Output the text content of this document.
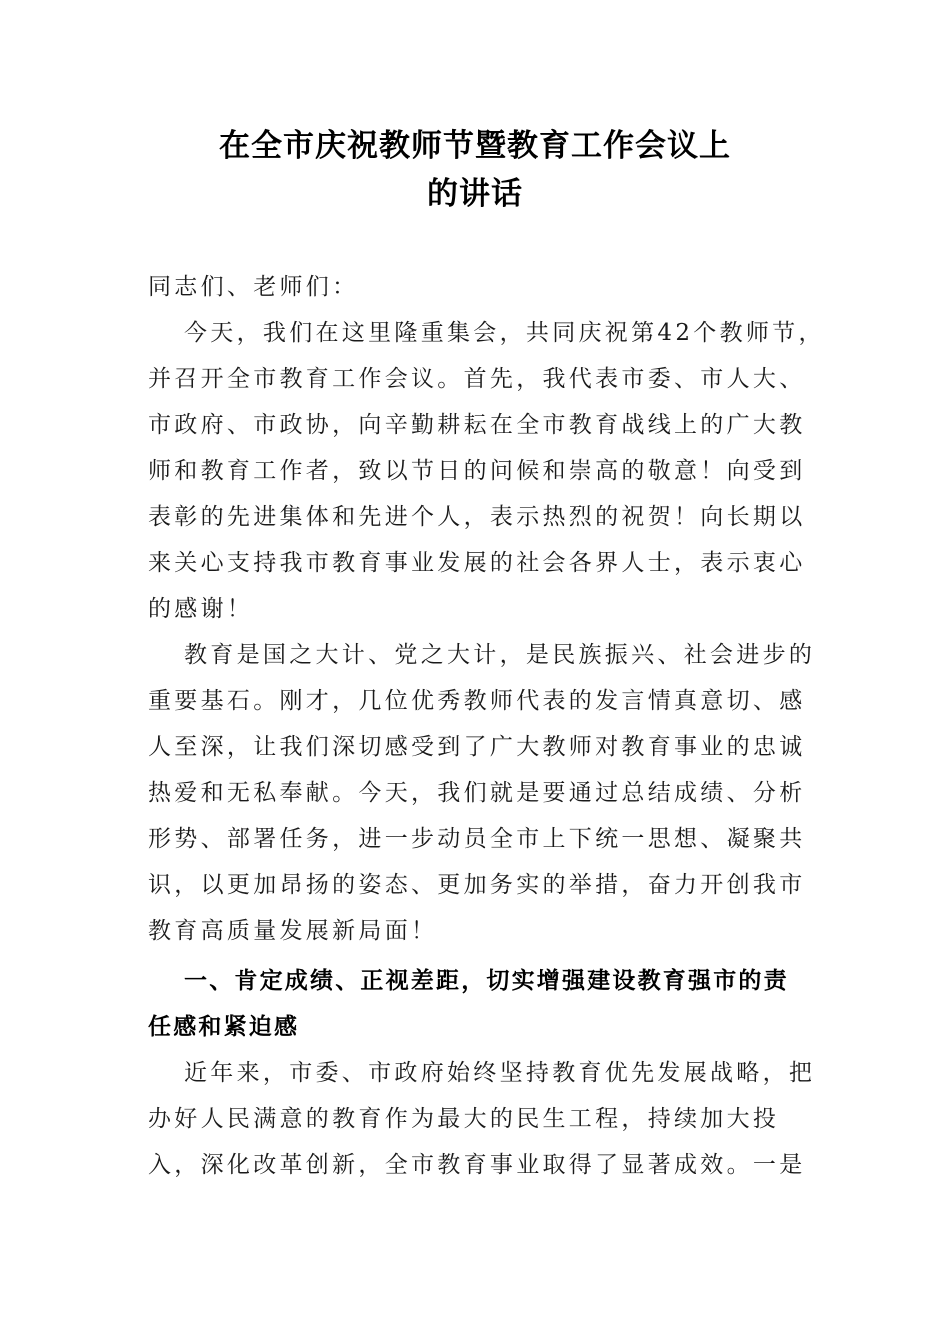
在全市庆祝教师节暨教育工作会议上
的讲话
同志们、老师们：
今天，我们在这里隆重集会，共同庆祝第42个教师节，
并召开全市教育工作会议。首先，我代表市委、市人大、
市政府、市政协，向辛勤耕耘在全市教育战线上的广大教
师和教育工作者，致以节日的问候和崇高的敬意！向受到
表彰的先进集体和先进个人，表示热烈的祝贺！向长期以
来关心支持我市教育事业发展的社会各界人士，表示衷心
的感谢！
教育是国之大计、党之大计，是民族振兴、社会进步的
重要基石。刚才，几位优秀教师代表的发言情真意切、感
人至深，让我们深切感受到了广大教师对教育事业的忠诚
热爱和无私奉献。今天，我们就是要通过总结成绩、分析
形势、部署任务，进一步动员全市上下统一思想、凝聚共
识，以更加昂扬的姿态、更加务实的举措，奋力开创我市
教育高质量发展新局面！
一、肯定成绩、正视差距，切实增强建设教育强市的责
任感和紧迫感
近年来，市委、市政府始终坚持教育优先发展战略，把
办好人民满意的教育作为最大的民生工程，持续加大投
入，深化改革创新，全市教育事业取得了显著成效。一是
